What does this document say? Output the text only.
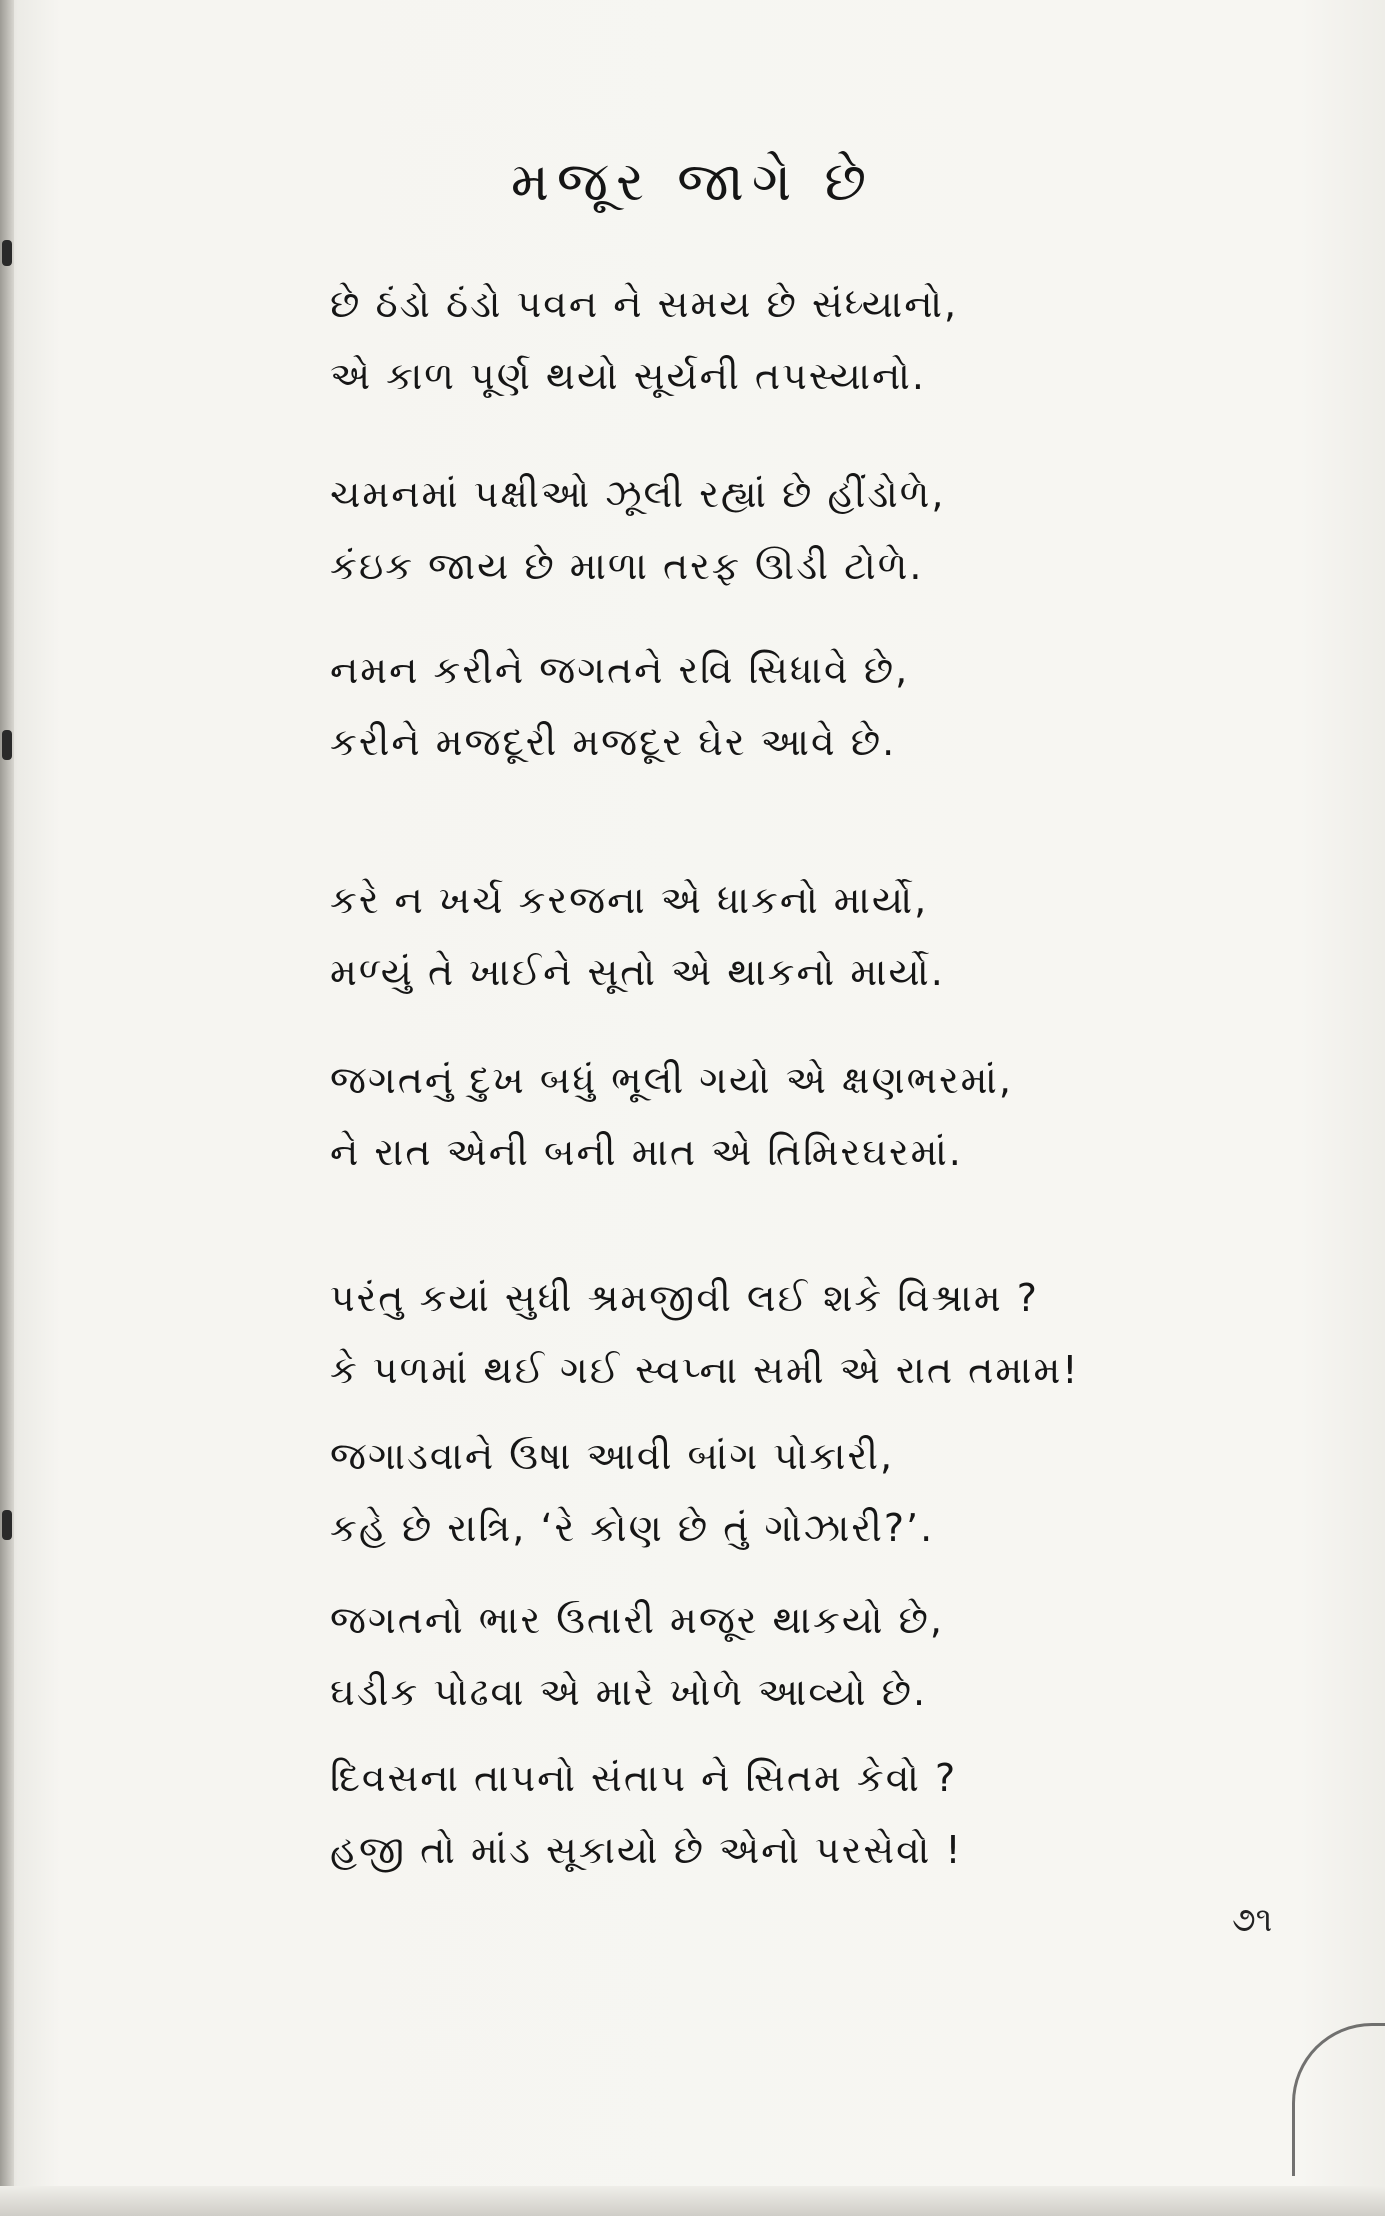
મજૂર જાગે છે
છે ઠંડો ઠંડો પવન ને સમય છે સંધ્યાનો,
એ કાળ પૂર્ણ થયો સૂર્યની તપસ્યાનો.
ચમનમાં પક્ષીઓ ઝૂલી રહ્યાં છે હીંડોળે,
કંઇક જાય છે માળા તરફ ઊડી ટોળે.
નમન કરીને જગતને રવિ સિધાવે છે,
કરીને મજદૂરી મજદૂર ઘેર આવે છે.
કરે ન ખર્ચ કરજના એ ધાકનો માર્યો,
મળ્યું તે ખાઈને સૂતો એ થાકનો માર્યો.
જગતનું દુખ બધું ભૂલી ગયો એ ક્ષણભરમાં,
ને રાત એની બની માત એ તિમિરઘરમાં.
પરંતુ કયાં સુધી શ્રમજીવી લઈ શકે વિશ્રામ ?
કે પળમાં થઈ ગઈ સ્વપ્ના સમી એ રાત તમામ!
જગાડવાને ઉષા આવી બાંગ પોકારી,
કહે છે રાત્રિ, ‘રે કોણ છે તું ગોઝારી?’.
જગતનો ભાર ઉતારી મજૂર થાકયો છે,
ઘડીક પોઢવા એ મારે ખોળે આવ્યો છે.
દિવસના તાપનો સંતાપ ને સિતમ કેવો ?
હજી તો માંડ સૂકાયો છે એનો પરસેવો !
૭૧
